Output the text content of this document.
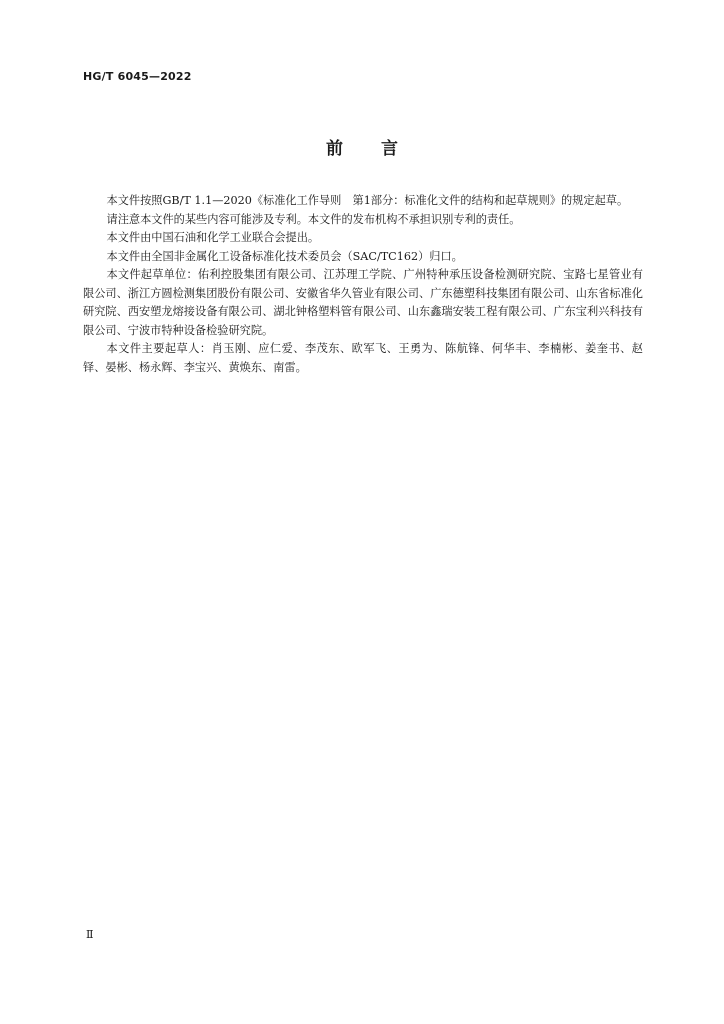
HG/T 6045—2022
前 言

本文件按照GB/T 1.1—2020《标准化工作导则　第1部分：标准化文件的结构和起草规则》的规定起草。

请注意本文件的某些内容可能涉及专利。本文件的发布机构不承担识别专利的责任。

本文件由中国石油和化学工业联合会提出。

本文件由全国非金属化工设备标准化技术委员会（SAC/TC162）归口。

本文件起草单位：佑利控股集团有限公司、江苏理工学院、广州特种承压设备检测研究院、宝路七星管业有限公司、浙江方圆检测集团股份有限公司、安徽省华久管业有限公司、广东德塑科技集团有限公司、山东省标准化研究院、西安塑龙熔接设备有限公司、湖北钟格塑料管有限公司、山东鑫瑞安装工程有限公司、广东宝利兴科技有限公司、宁波市特种设备检验研究院。

本文件主要起草人：肖玉刚、应仁爱、李茂东、欧军飞、王勇为、陈航锋、何华丰、李楠彬、姜奎书、赵铎、晏彬、杨永辉、李宝兴、黄焕东、南雷。

Ⅱ
